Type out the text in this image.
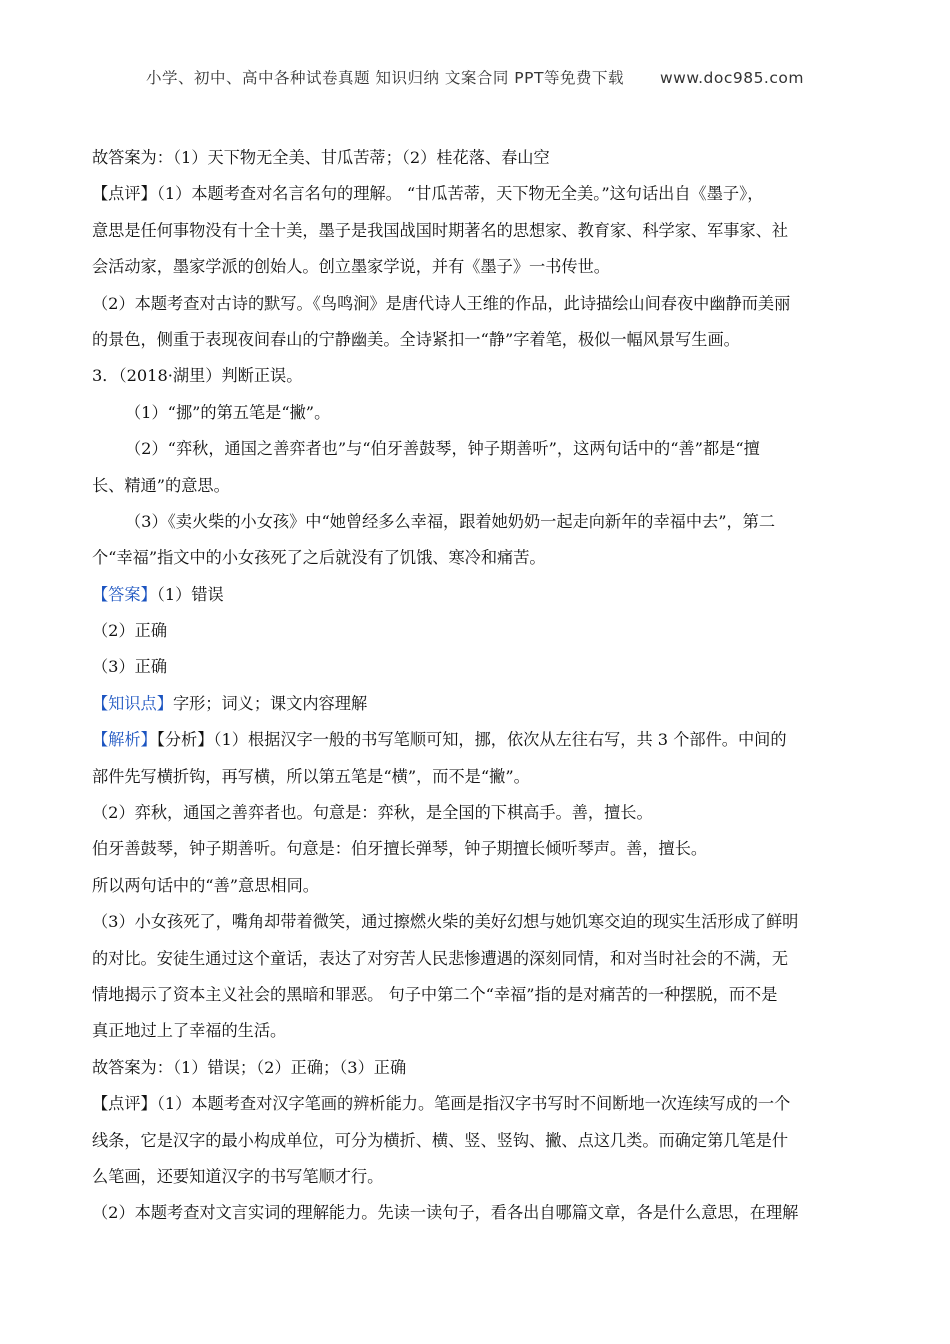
小学、初中、高中各种试卷真题 知识归纳 文案合同 PPT等免费下载 www.doc985.com
故答案为：（1）天下物无全美、甘瓜苦蒂；（2）桂花落、春山空
【点评】（1）本题考查对名言名句的理解。 “甘瓜苦蒂，天下物无全美。”这句话出自《墨子》，
意思是任何事物没有十全十美，墨子是我国战国时期著名的思想家、教育家、科学家、军事家、社
会活动家，墨家学派的创始人。创立墨家学说，并有《墨子》一书传世。
（2）本题考查对古诗的默写。《鸟鸣涧》是唐代诗人王维的作品，此诗描绘山间春夜中幽静而美丽
的景色，侧重于表现夜间春山的宁静幽美。全诗紧扣一“静”字着笔，极似一幅风景写生画。
3．（2018·湖里）判断正误。
（1）“挪”的第五笔是“撇”。
（2）“弈秋，通国之善弈者也”与“伯牙善鼓琴，钟子期善听”，这两句话中的“善”都是“擅
长、精通”的意思。
（3）《卖火柴的小女孩》中“她曾经多么幸福，跟着她奶奶一起走向新年的幸福中去”，第二
个“幸福”指文中的小女孩死了之后就没有了饥饿、寒冷和痛苦。
【答案】（1）错误
（2）正确
（3）正确
【知识点】字形；词义；课文内容理解
【解析】【分析】（1）根据汉字一般的书写笔顺可知，挪，依次从左往右写，共 3 个部件。中间的
部件先写横折钩，再写横，所以第五笔是“横”，而不是“撇”。
（2）弈秋，通国之善弈者也。句意是：弈秋，是全国的下棋高手。善，擅长。
伯牙善鼓琴，钟子期善听。句意是：伯牙擅长弹琴，钟子期擅长倾听琴声。善，擅长。
所以两句话中的“善”意思相同。
（3）小女孩死了，嘴角却带着微笑，通过擦燃火柴的美好幻想与她饥寒交迫的现实生活形成了鲜明
的对比。安徒生通过这个童话，表达了对穷苦人民悲惨遭遇的深刻同情，和对当时社会的不满，无
情地揭示了资本主义社会的黑暗和罪恶。 句子中第二个“幸福”指的是对痛苦的一种摆脱，而不是
真正地过上了幸福的生活。
故答案为：（1）错误；（2）正确；（3）正确
【点评】（1）本题考查对汉字笔画的辨析能力。笔画是指汉字书写时不间断地一次连续写成的一个
线条，它是汉字的最小构成单位，可分为横折、横、竖、竖钩、撇、点这几类。而确定第几笔是什
么笔画，还要知道汉字的书写笔顺才行。
（2）本题考查对文言实词的理解能力。先读一读句子，看各出自哪篇文章，各是什么意思，在理解
